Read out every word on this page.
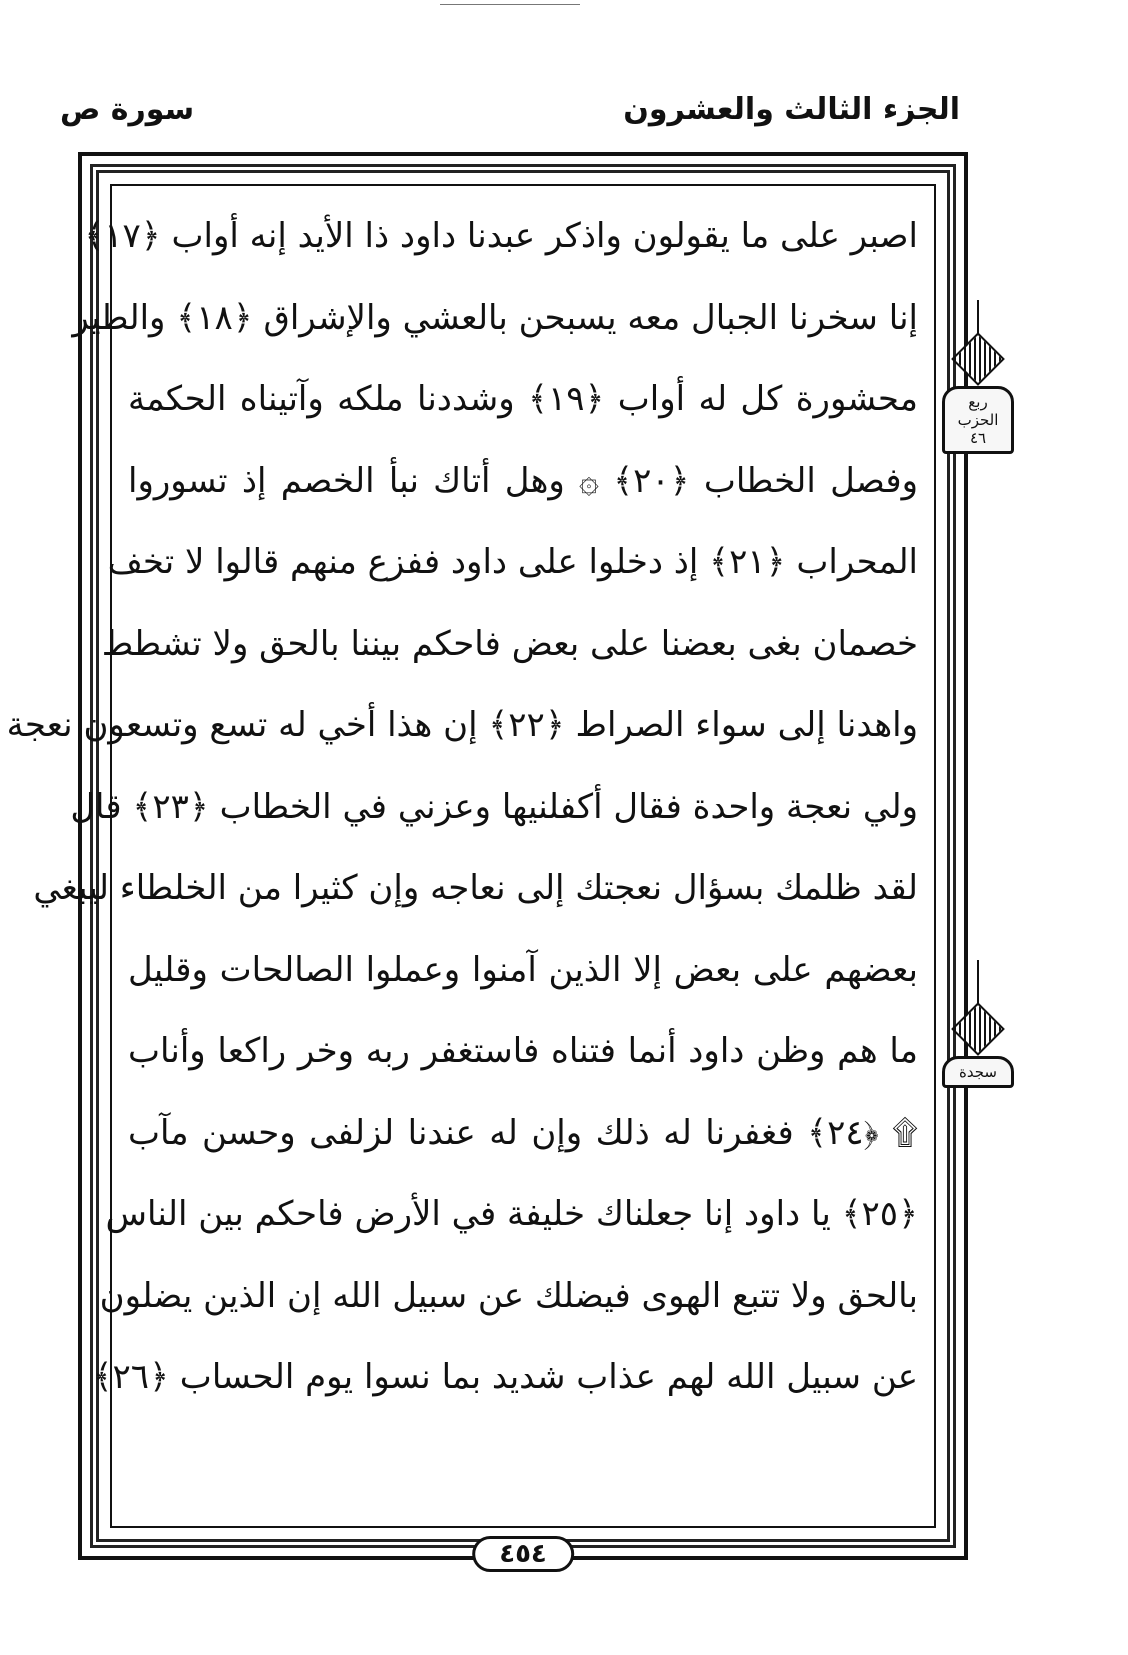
الجزء الثالث والعشرون
سورة ص
اصبر على ما يقولون واذكر عبدنا داود ذا الأيد إنه أواب ﴿١٧﴾
إنا سخرنا الجبال معه يسبحن بالعشي والإشراق ﴿١٨﴾ والطير
محشورة كل له أواب ﴿١٩﴾ وشددنا ملكه وآتيناه الحكمة
وفصل الخطاب ﴿٢٠﴾ ۞ وهل أتاك نبأ الخصم إذ تسوروا
المحراب ﴿٢١﴾ إذ دخلوا على داود ففزع منهم قالوا لا تخف
خصمان بغى بعضنا على بعض فاحكم بيننا بالحق ولا تشطط
واهدنا إلى سواء الصراط ﴿٢٢﴾ إن هذا أخي له تسع وتسعون نعجة
ولي نعجة واحدة فقال أكفلنيها وعزني في الخطاب ﴿٢٣﴾ قال
لقد ظلمك بسؤال نعجتك إلى نعاجه وإن كثيرا من الخلطاء ليبغي
بعضهم على بعض إلا الذين آمنوا وعملوا الصالحات وقليل
ما هم وظن داود أنما فتناه فاستغفر ربه وخر راكعا وأناب
۩ ﴿٢٤﴾ فغفرنا له ذلك وإن له عندنا لزلفى وحسن مآب
﴿٢٥﴾ يا داود إنا جعلناك خليفة في الأرض فاحكم بين الناس
بالحق ولا تتبع الهوى فيضلك عن سبيل الله إن الذين يضلون
عن سبيل الله لهم عذاب شديد بما نسوا يوم الحساب ﴿٢٦﴾
٤٥٤
ربع الحزب
٤٦
سجدة
